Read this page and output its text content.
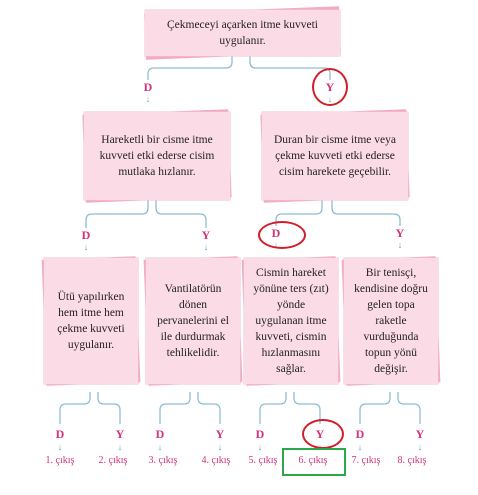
Çekmeceyi açarken itme kuvveti uygulanır.
D
↓
Y
↓
Hareketli bir cisme itme kuvveti etki ederse cisim mutlaka hızlanır.
Duran bir cisme itme veya çekme kuvveti etki ederse cisim harekete geçebilir.
D
↓
Y
↓
D
↓
Y
↓
Ütü yapılırken hem itme hem çekme kuvveti uygulanır.
Vantilatörün dönen pervanelerini el ile durdurmak tehlikelidir.
Cismin hareket yönüne ters (zıt) yönde uygulanan itme kuvveti, cismin hızlanmasını sağlar.
Bir tenisçi, kendisine doğru gelen topa raketle vurduğunda topun yönü değişir.
D	Y	D	Y	D	Y	D	Y
↓	↓	↓	↓	↓	↓	↓	↓
1. çıkış 2. çıkış 3. çıkış 4. çıkış 5. çıkış 6. çıkış 7. çıkış 8. çıkış
